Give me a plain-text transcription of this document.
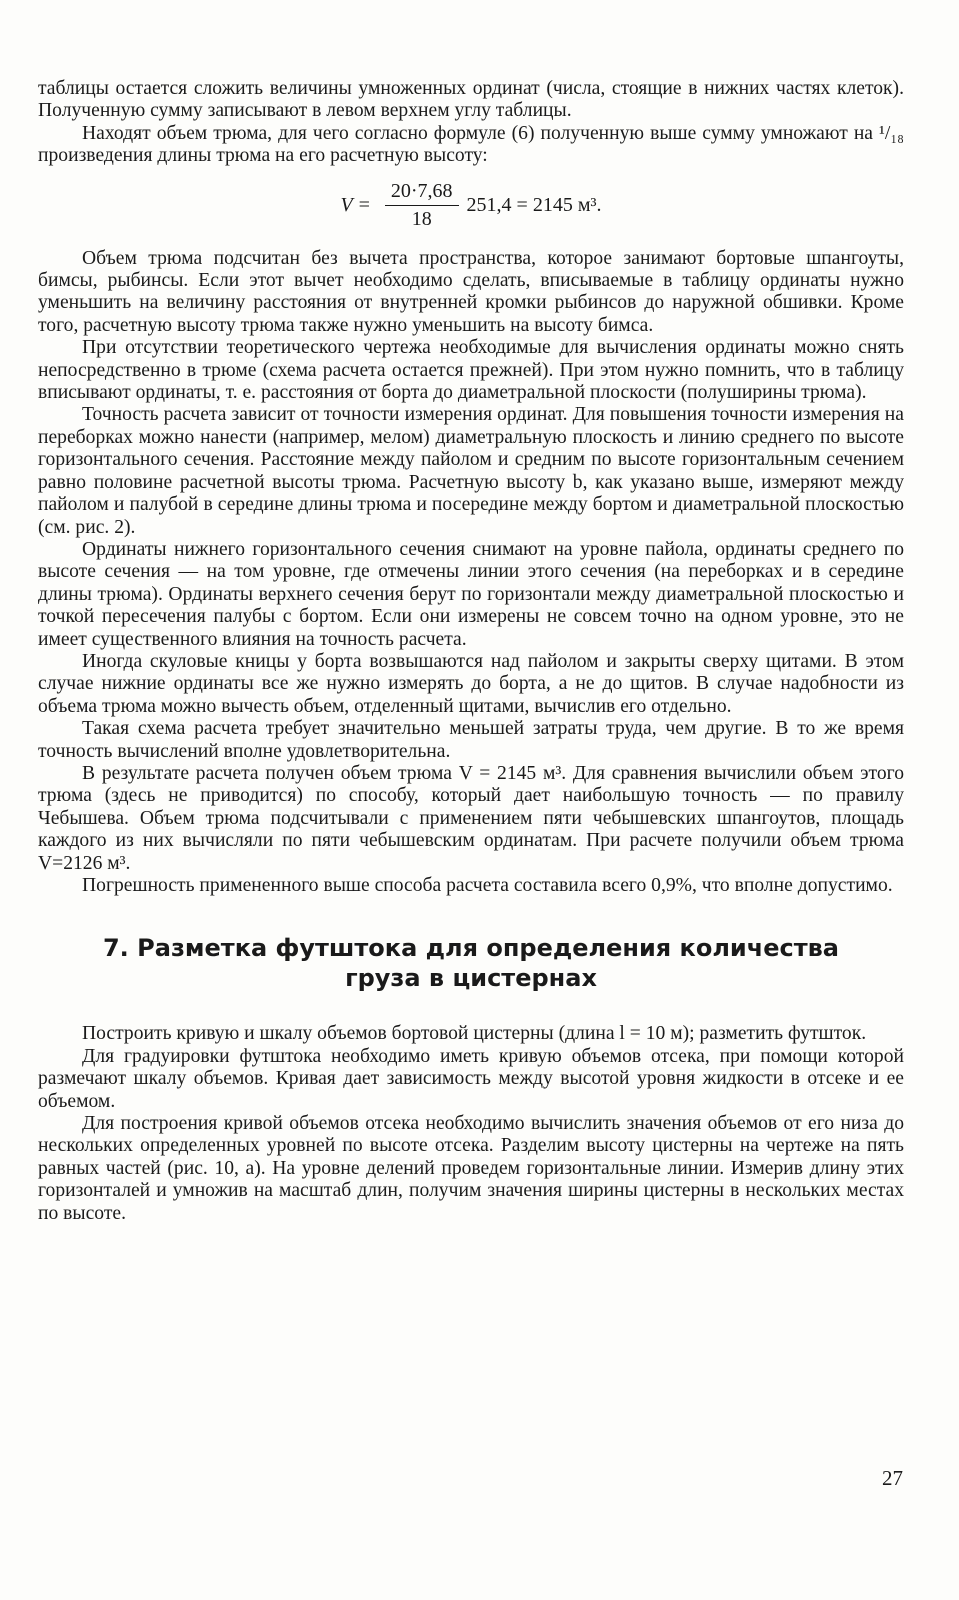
таблицы остается сложить величины умноженных ординат (числа, стоящие в нижних частях клеток). Полученную сумму записывают в левом верхнем углу таблицы.

Находят объем трюма, для чего согласно формуле (6) полученную выше сумму умножают на ¹/₁₈ произведения длины трюма на его расчетную высоту:

$V = \frac{20\cdot 7,68}{18} 251,4 = 2145$ м³.

Объем трюма подсчитан без вычета пространства, которое занимают бортовые шпангоуты, бимсы, рыбинсы. Если этот вычет необходимо сделать, вписываемые в таблицу ординаты нужно уменьшить на величину расстояния от внутренней кромки рыбинсов до наружной обшивки. Кроме того, расчетную высоту трюма также нужно уменьшить на высоту бимса.

При отсутствии теоретического чертежа необходимые для вычисления ординаты можно снять непосредственно в трюме (схема расчета остается прежней). При этом нужно помнить, что в таблицу вписывают ординаты, т. е. расстояния от борта до диаметральной плоскости (полуширины трюма).

Точность расчета зависит от точности измерения ординат. Для повышения точности измерения на переборках можно нанести (например, мелом) диаметральную плоскость и линию среднего по высоте горизонтального сечения. Расстояние между пайолом и средним по высоте горизонтальным сечением равно половине расчетной высоты трюма. Расчетную высоту b, как указано выше, измеряют между пайолом и палубой в середине длины трюма и посередине между бортом и диаметральной плоскостью (см. рис. 2).

Ординаты нижнего горизонтального сечения снимают на уровне пайола, ординаты среднего по высоте сечения — на том уровне, где отмечены линии этого сечения (на переборках и в середине длины трюма). Ординаты верхнего сечения берут по горизонтали между диаметральной плоскостью и точкой пересечения палубы с бортом. Если они измерены не совсем точно на одном уровне, это не имеет существенного влияния на точность расчета.

Иногда скуловые кницы у борта возвышаются над пайолом и закрыты сверху щитами. В этом случае нижние ординаты все же нужно измерять до борта, а не до щитов. В случае надобности из объема трюма можно вычесть объем, отделенный щитами, вычислив его отдельно.

Такая схема расчета требует значительно меньшей затраты труда, чем другие. В то же время точность вычислений вполне удовлетворительна.

В результате расчета получен объем трюма V = 2145 м³. Для сравнения вычислили объем этого трюма (здесь не приводится) по способу, который дает наибольшую точность — по правилу Чебышева. Объем трюма подсчитывали с применением пяти чебышевских шпангоутов, площадь каждого из них вычисляли по пяти чебышевским ординатам. При расчете получили объем трюма V=2126 м³.

Погрешность примененного выше способа расчета составила всего 0,9%, что вполне допустимо.

7. Разметка футштока для определения количества
груза в цистернах

Построить кривую и шкалу объемов бортовой цистерны (длина l = 10 м); разметить футшток.

Для градуировки футштока необходимо иметь кривую объемов отсека, при помощи которой размечают шкалу объемов. Кривая дает зависимость между высотой уровня жидкости в отсеке и ее объемом.

Для построения кривой объемов отсека необходимо вычислить значения объемов от его низа до нескольких определенных уровней по высоте отсека. Разделим высоту цистерны на чертеже на пять равных частей (рис. 10, а). На уровне делений проведем горизонтальные линии. Измерив длину этих горизонталей и умножив на масштаб длин, получим значения ширины цистерны в нескольких местах по высоте.

27
